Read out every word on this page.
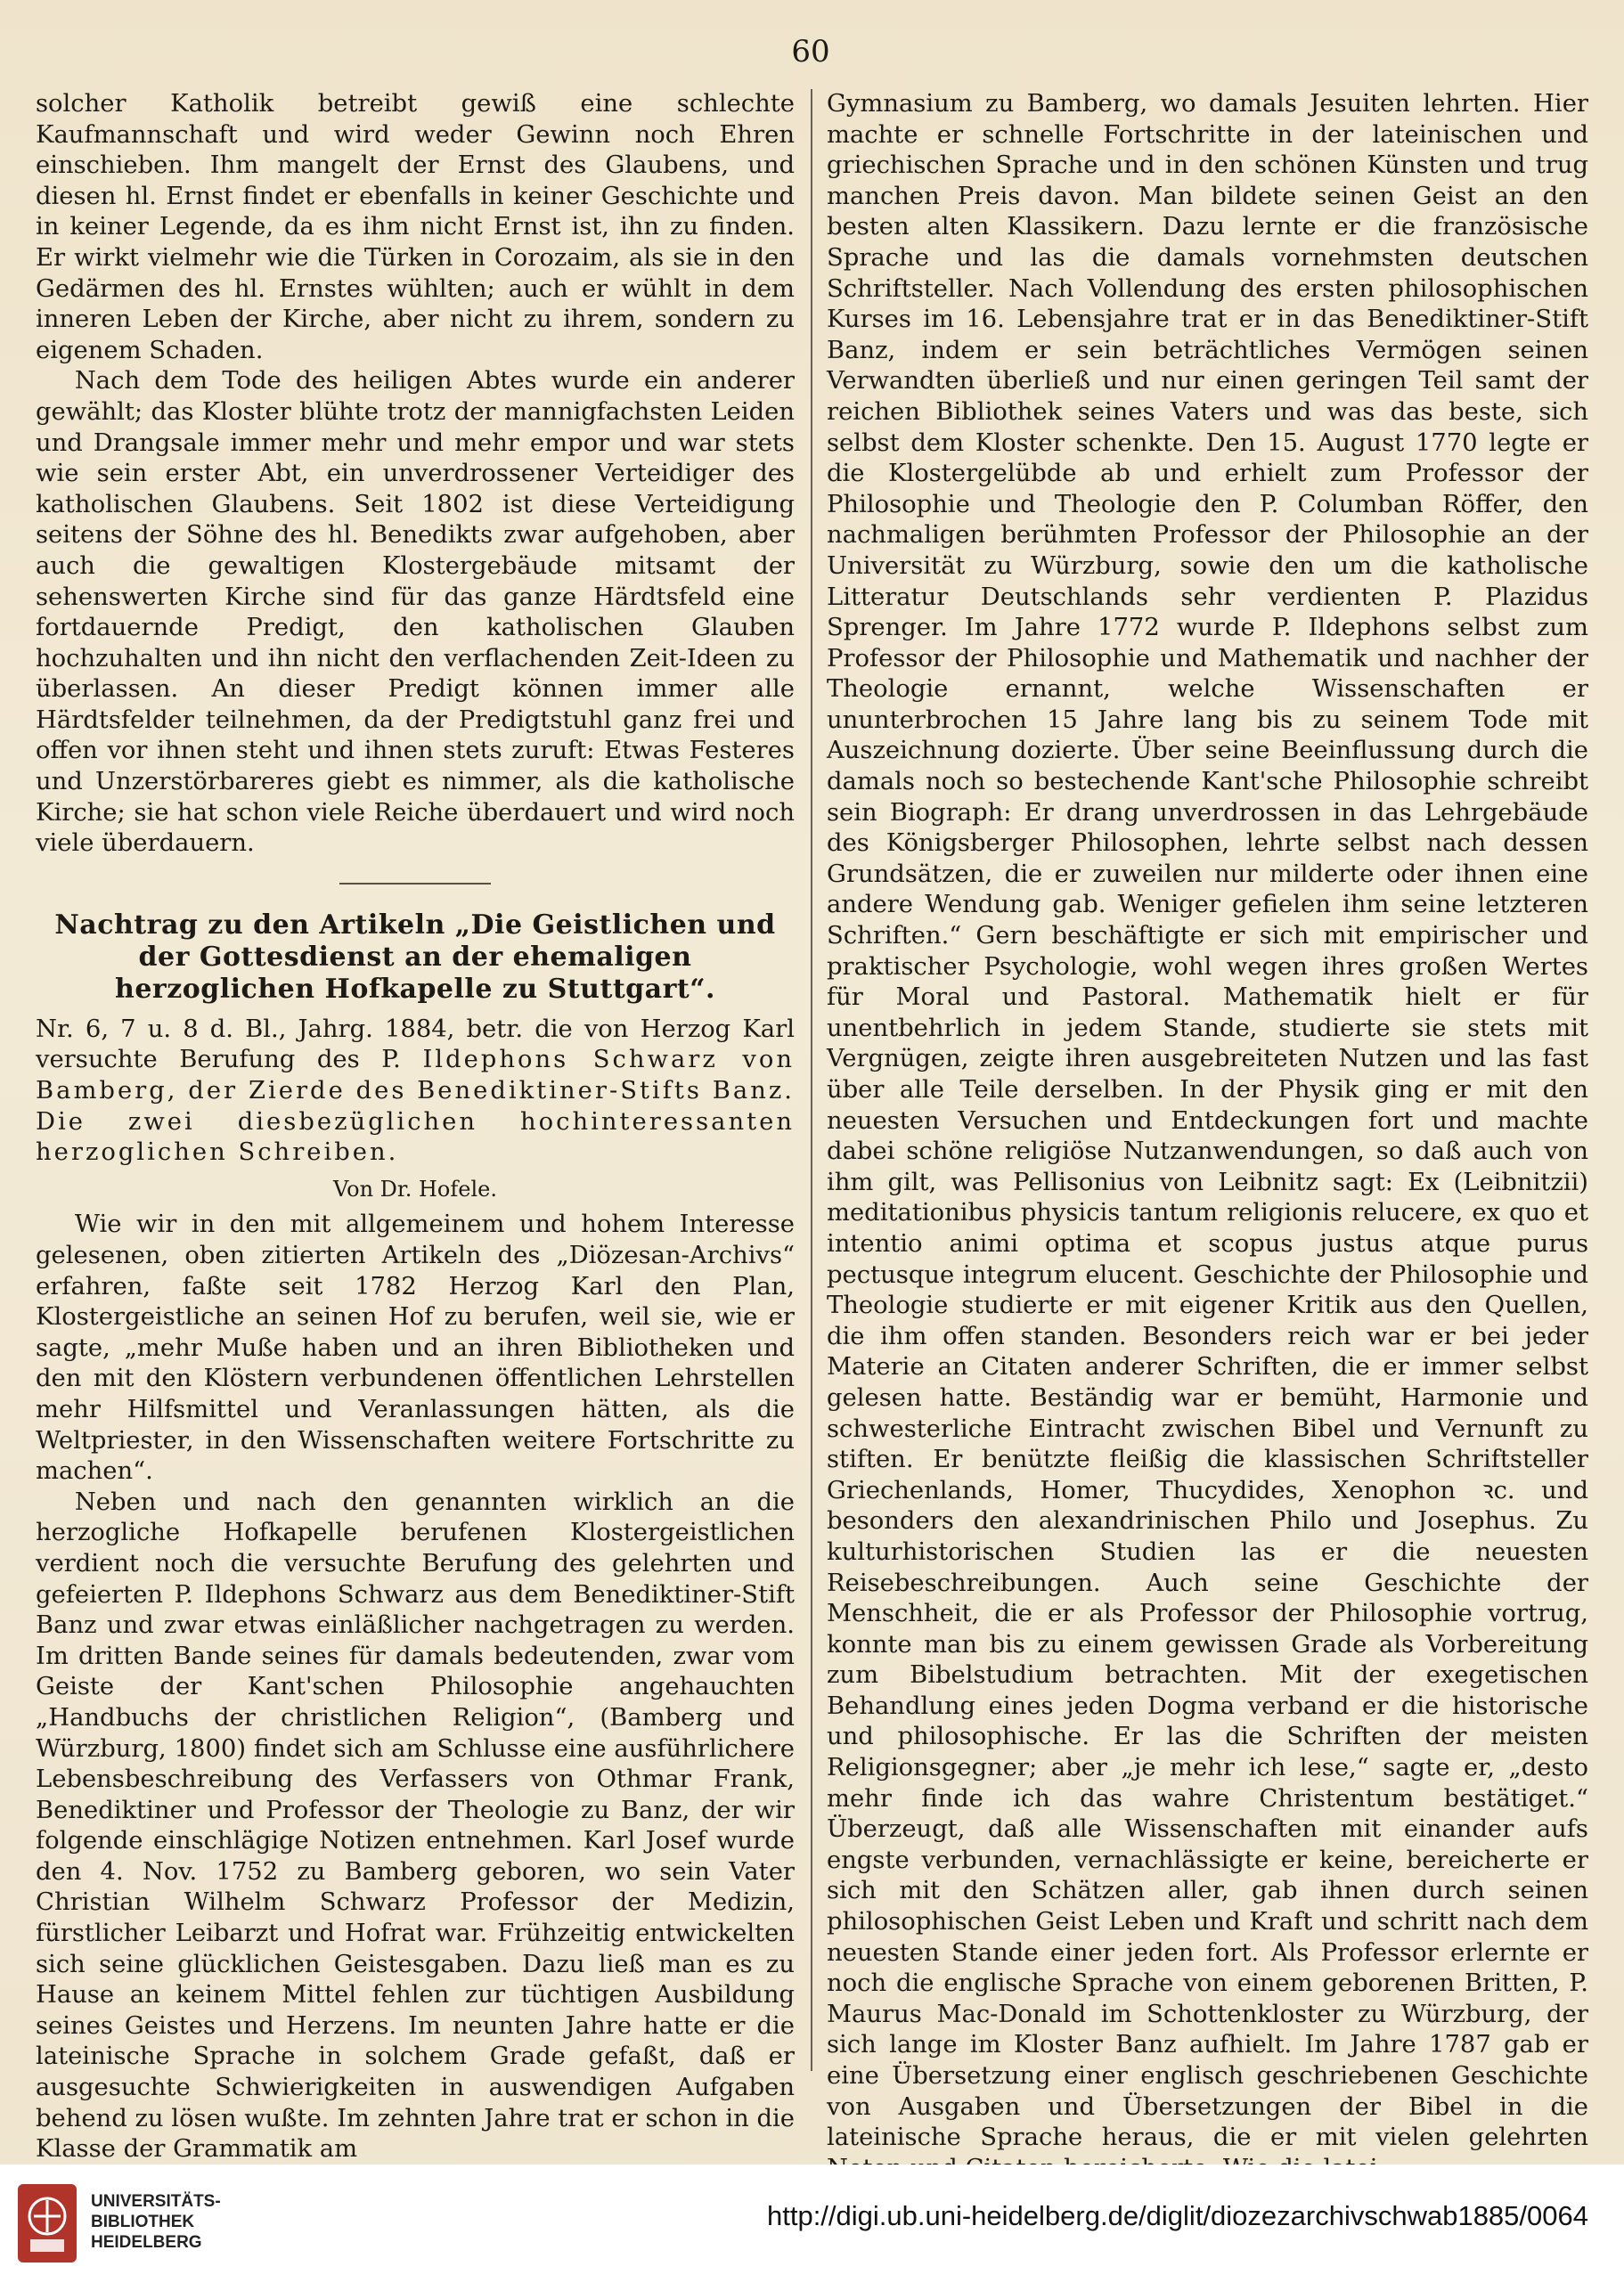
60

solcher Katholik betreibt gewiß eine schlechte Kaufmannschaft und wird weder Gewinn noch Ehren einschieben. Ihm mangelt der Ernst des Glaubens, und diesen hl. Ernst findet er ebenfalls in keiner Geschichte und in keiner Legende, da es ihm nicht Ernst ist, ihn zu finden. Er wirkt vielmehr wie die Türken in Corozaim, als sie in den Gedärmen des hl. Ernstes wühlten; auch er wühlt in dem inneren Leben der Kirche, aber nicht zu ihrem, sondern zu eigenem Schaden.

Nach dem Tode des heiligen Abtes wurde ein anderer gewählt; das Kloster blühte trotz der mannigfachsten Leiden und Drangsale immer mehr und mehr empor und war stets wie sein erster Abt, ein unverdrossener Verteidiger des katholischen Glaubens. Seit 1802 ist diese Verteidigung seitens der Söhne des hl. Benedikts zwar aufgehoben, aber auch die gewaltigen Klostergebäude mitsamt der sehenswerten Kirche sind für das ganze Härdtsfeld eine fortdauernde Predigt, den katholischen Glauben hochzuhalten und ihn nicht den verflachenden Zeit-Ideen zu überlassen. An dieser Predigt können immer alle Härdtsfelder teilnehmen, da der Predigtstuhl ganz frei und offen vor ihnen steht und ihnen stets zuruft: Etwas Festeres und Unzerstörbareres giebt es nimmer, als die katholische Kirche; sie hat schon viele Reiche überdauert und wird noch viele überdauern.

Nachtrag zu den Artikeln „Die Geistlichen und der Gottesdienst an der ehemaligen herzoglichen Hofkapelle zu Stuttgart“.

Nr. 6, 7 u. 8 d. Bl., Jahrg. 1884, betr. die von Herzog Karl versuchte Berufung des P. Ildephons Schwarz von Bamberg, der Zierde des Benediktiner-Stifts Banz. Die zwei diesbezüglichen hochinteressanten herzoglichen Schreiben.

Von Dr. Hofele.

Wie wir in den mit allgemeinem und hohem Interesse gelesenen, oben zitierten Artikeln des „Diözesan-Archivs“ erfahren, faßte seit 1782 Herzog Karl den Plan, Klostergeistliche an seinen Hof zu berufen, weil sie, wie er sagte, „mehr Muße haben und an ihren Bibliotheken und den mit den Klöstern verbundenen öffentlichen Lehrstellen mehr Hilfsmittel und Veranlassungen hätten, als die Weltpriester, in den Wissenschaften weitere Fortschritte zu machen“.

Neben und nach den genannten wirklich an die herzogliche Hofkapelle berufenen Klostergeistlichen verdient noch die versuchte Berufung des gelehrten und gefeierten P. Ildephons Schwarz aus dem Benediktiner-Stift Banz und zwar etwas einläßlicher nachgetragen zu werden. Im dritten Bande seines für damals bedeutenden, zwar vom Geiste der Kant'schen Philosophie angehauchten „Handbuchs der christlichen Religion“, (Bamberg und Würzburg, 1800) findet sich am Schlusse eine ausführlichere Lebensbeschreibung des Verfassers von Othmar Frank, Benediktiner und Professor der Theologie zu Banz, der wir folgende einschlägige Notizen entnehmen. Karl Josef wurde den 4. Nov. 1752 zu Bamberg geboren, wo sein Vater Christian Wilhelm Schwarz Professor der Medizin, fürstlicher Leibarzt und Hofrat war. Frühzeitig entwickelten sich seine glücklichen Geistesgaben. Dazu ließ man es zu Hause an keinem Mittel fehlen zur tüchtigen Ausbildung seines Geistes und Herzens. Im neunten Jahre hatte er die lateinische Sprache in solchem Grade gefaßt, daß er ausgesuchte Schwierigkeiten in auswendigen Aufgaben behend zu lösen wußte. Im zehnten Jahre trat er schon in die Klasse der Grammatik am

Gymnasium zu Bamberg, wo damals Jesuiten lehrten. Hier machte er schnelle Fortschritte in der lateinischen und griechischen Sprache und in den schönen Künsten und trug manchen Preis davon. Man bildete seinen Geist an den besten alten Klassikern. Dazu lernte er die französische Sprache und las die damals vornehmsten deutschen Schriftsteller. Nach Vollendung des ersten philosophischen Kurses im 16. Lebensjahre trat er in das Benediktiner-Stift Banz, indem er sein beträchtliches Vermögen seinen Verwandten überließ und nur einen geringen Teil samt der reichen Bibliothek seines Vaters und was das beste, sich selbst dem Kloster schenkte. Den 15. August 1770 legte er die Klostergelübde ab und erhielt zum Professor der Philosophie und Theologie den P. Columban Röffer, den nachmaligen berühmten Professor der Philosophie an der Universität zu Würzburg, sowie den um die katholische Litteratur Deutschlands sehr verdienten P. Plazidus Sprenger. Im Jahre 1772 wurde P. Ildephons selbst zum Professor der Philosophie und Mathematik und nachher der Theologie ernannt, welche Wissenschaften er ununterbrochen 15 Jahre lang bis zu seinem Tode mit Auszeichnung dozierte. Über seine Beeinflussung durch die damals noch so bestechende Kant'sche Philosophie schreibt sein Biograph: Er drang unverdrossen in das Lehrgebäude des Königsberger Philosophen, lehrte selbst nach dessen Grundsätzen, die er zuweilen nur milderte oder ihnen eine andere Wendung gab. Weniger gefielen ihm seine letzteren Schriften.“ Gern beschäftigte er sich mit empirischer und praktischer Psychologie, wohl wegen ihres großen Wertes für Moral und Pastoral. Mathematik hielt er für unentbehrlich in jedem Stande, studierte sie stets mit Vergnügen, zeigte ihren ausgebreiteten Nutzen und las fast über alle Teile derselben. In der Physik ging er mit den neuesten Versuchen und Entdeckungen fort und machte dabei schöne religiöse Nutzanwendungen, so daß auch von ihm gilt, was Pellisonius von Leibnitz sagt: Ex (Leibnitzii) meditationibus physicis tantum religionis relucere, ex quo et intentio animi optima et scopus justus atque purus pectusque integrum elucent. Geschichte der Philosophie und Theologie studierte er mit eigener Kritik aus den Quellen, die ihm offen standen. Besonders reich war er bei jeder Materie an Citaten anderer Schriften, die er immer selbst gelesen hatte. Beständig war er bemüht, Harmonie und schwesterliche Eintracht zwischen Bibel und Vernunft zu stiften. Er benützte fleißig die klassischen Schriftsteller Griechenlands, Homer, Thucydides, Xenophon ꝛc. und besonders den alexandrinischen Philo und Josephus. Zu kulturhistorischen Studien las er die neuesten Reisebeschreibungen. Auch seine Geschichte der Menschheit, die er als Professor der Philosophie vortrug, konnte man bis zu einem gewissen Grade als Vorbereitung zum Bibelstudium betrachten. Mit der exegetischen Behandlung eines jeden Dogma verband er die historische und philosophische. Er las die Schriften der meisten Religionsgegner; aber „je mehr ich lese,“ sagte er, „desto mehr finde ich das wahre Christentum bestätiget.“ Überzeugt, daß alle Wissenschaften mit einander aufs engste verbunden, vernachlässigte er keine, bereicherte er sich mit den Schätzen aller, gab ihnen durch seinen philosophischen Geist Leben und Kraft und schritt nach dem neuesten Stande einer jeden fort. Als Professor erlernte er noch die englische Sprache von einem geborenen Britten, P. Maurus Mac-Donald im Schottenkloster zu Würzburg, der sich lange im Kloster Banz aufhielt. Im Jahre 1787 gab er eine Übersetzung einer englisch geschriebenen Geschichte von Ausgaben und Übersetzungen der Bibel in die lateinische Sprache heraus, die er mit vielen gelehrten

UNIVERSITÄTS-
BIBLIOTHEK
HEIDELBERG
http://digi.ub.uni-heidelberg.de/diglit/diozezarchivschwab1885/0064
